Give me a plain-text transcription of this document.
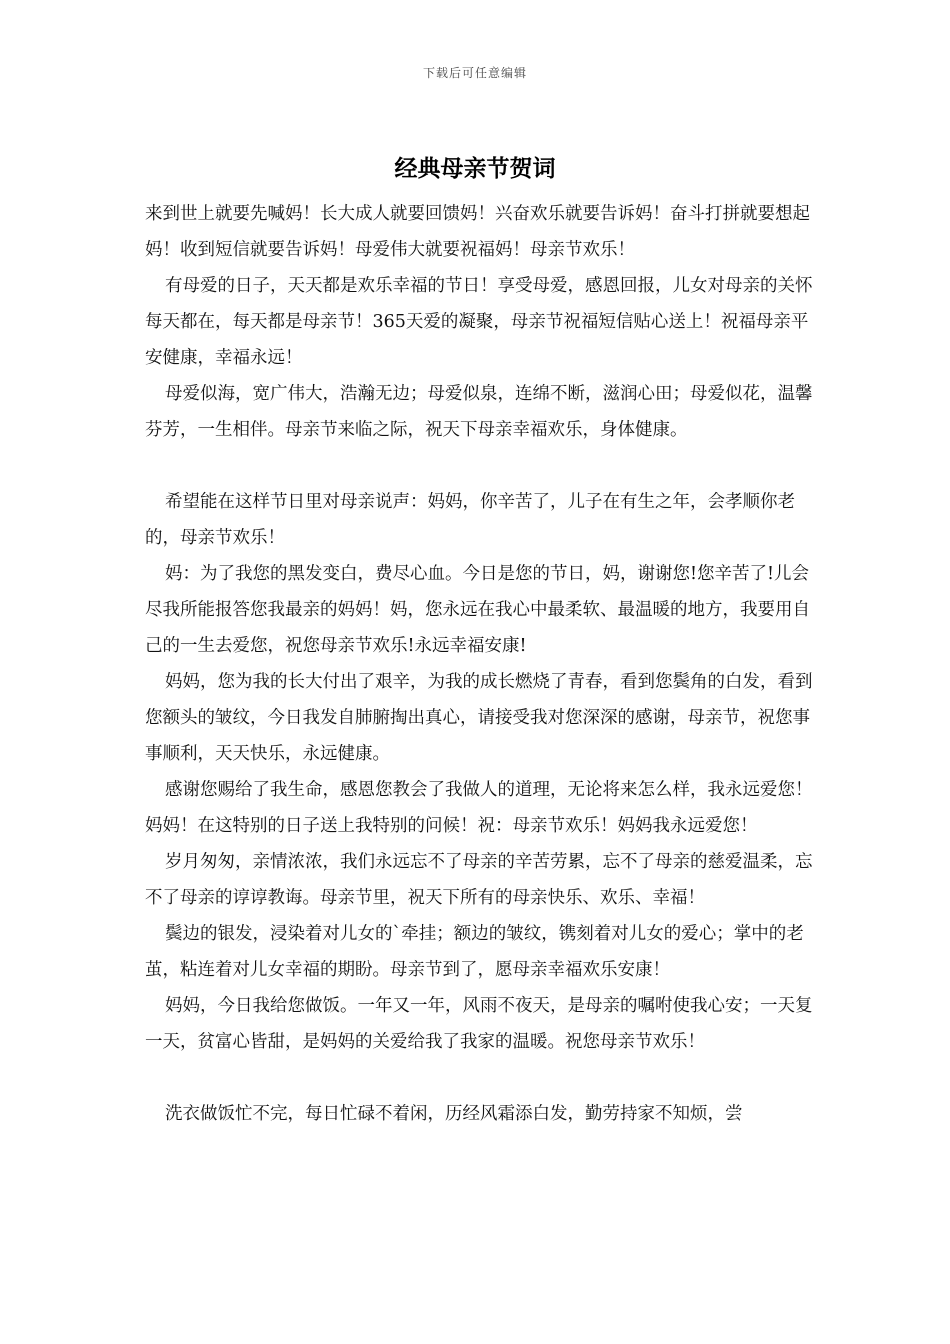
下载后可任意编辑
经典母亲节贺词

来到世上就要先喊妈！长大成人就要回馈妈！兴奋欢乐就要告诉妈！奋斗打拼就要想起妈！收到短信就要告诉妈！母爱伟大就要祝福妈！母亲节欢乐！

有母爱的日子，天天都是欢乐幸福的节日！享受母爱，感恩回报，儿女对母亲的关怀每天都在，每天都是母亲节！365天爱的凝聚，母亲节祝福短信贴心送上！祝福母亲平安健康，幸福永远！

母爱似海，宽广伟大，浩瀚无边；母爱似泉，连绵不断，滋润心田；母爱似花，温馨芬芳，一生相伴。母亲节来临之际，祝天下母亲幸福欢乐，身体健康。

希望能在这样节日里对母亲说声：妈妈，你辛苦了，儿子在有生之年，会孝顺你老的，母亲节欢乐！

妈：为了我您的黑发变白，费尽心血。今日是您的节日，妈，谢谢您!您辛苦了!儿会尽我所能报答您我最亲的妈妈！妈，您永远在我心中最柔软、最温暖的地方，我要用自己的一生去爱您，祝您母亲节欢乐!永远幸福安康!

妈妈，您为我的长大付出了艰辛，为我的成长燃烧了青春，看到您鬓角的白发，看到您额头的皱纹，今日我发自肺腑掏出真心，请接受我对您深深的感谢，母亲节，祝您事事顺利，天天快乐，永远健康。

感谢您赐给了我生命，感恩您教会了我做人的道理，无论将来怎么样，我永远爱您！妈妈！在这特别的日子送上我特别的问候！祝：母亲节欢乐！妈妈我永远爱您！

岁月匆匆，亲情浓浓，我们永远忘不了母亲的辛苦劳累，忘不了母亲的慈爱温柔，忘不了母亲的谆谆教诲。母亲节里，祝天下所有的母亲快乐、欢乐、幸福！

鬓边的银发，浸染着对儿女的`牵挂；额边的皱纹，镌刻着对儿女的爱心；掌中的老茧，粘连着对儿女幸福的期盼。母亲节到了，愿母亲幸福欢乐安康！

妈妈，今日我给您做饭。一年又一年，风雨不夜天，是母亲的嘱咐使我心安；一天复一天，贫富心皆甜，是妈妈的关爱给我了我家的温暖。祝您母亲节欢乐！

洗衣做饭忙不完，每日忙碌不着闲，历经风霜添白发，勤劳持家不知烦，尝
